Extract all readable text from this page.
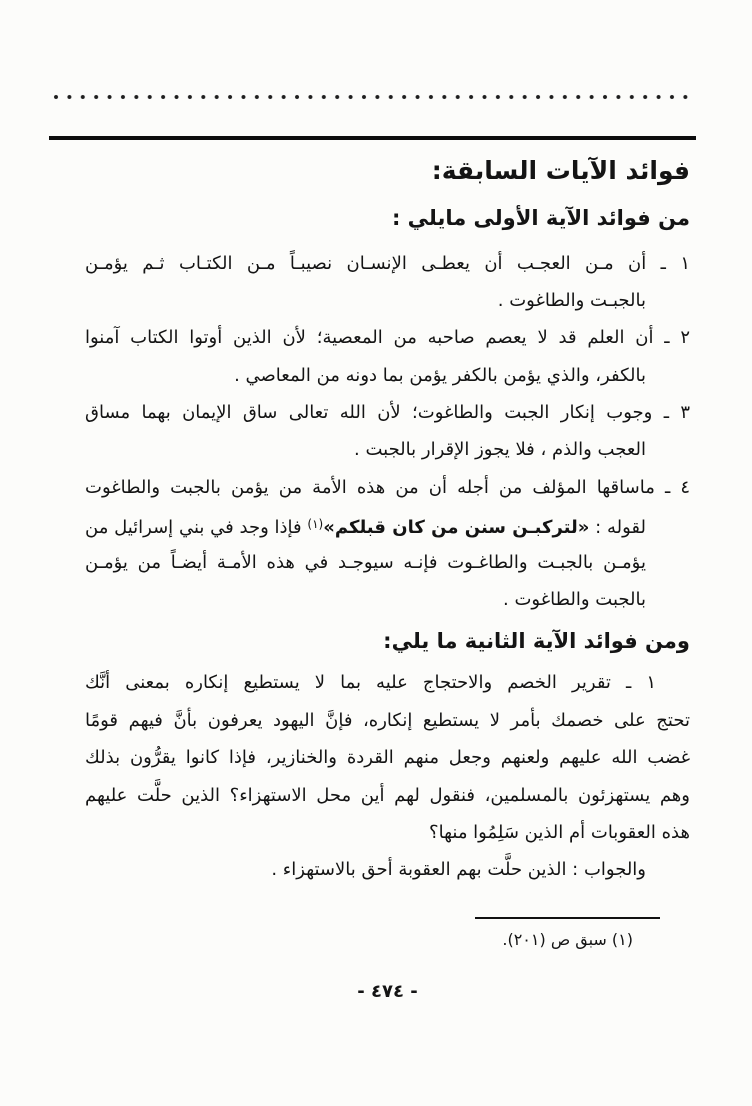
فوائد الآيات السابقة:
من فوائد الآية الأولى مايلي :
١ ـ أن مـن العجـب أن يعطـى الإنسـان نصيبـاً مـن الكتـاب ثـم يؤمـن
بالجبـت والطاغوت .
٢ ـ أن العلم قد لا يعصم صاحبه من المعصية؛ لأن الذين أوتوا الكتاب آمنوا
بالكفر، والذي يؤمن بالكفر يؤمن بما دونه من المعاصي .
٣ ـ وجوب إنكار الجبت والطاغوت؛ لأن الله تعالى ساق الإيمان بهما مساق
العجب والذم ، فلا يجوز الإقرار بالجبت .
٤ ـ ماساقها المؤلف من أجله أن من هذه الأمة من يؤمن بالجبت والطاغوت
لقوله : «لتركبـن سنن من كان قبلكم»$^{(١)}$ فإذا وجد في بني إسرائيل من
يؤمـن بالجبـت والطاغـوت فإنـه سيوجـد في هذه الأمـة أيضـاً من يؤمـن
بالجبت والطاغوت .
ومن فوائد الآية الثانية ما يلي:
١ ـ تقرير الخصم والاحتجاج عليه بما لا يستطيع إنكاره بمعنى أنَّك
تحتج على خصمك بأمر لا يستطيع إنكاره، فإنَّ اليهود يعرفون بأنَّ فيهم قومًا
غضب الله عليهم ولعنهم وجعل منهم القردة والخنازير، فإذا كانوا يقرُّون بذلك
وهم يستهزئون بالمسلمين، فنقول لهم أين محل الاستهزاء؟ الذين حلَّت عليهم
هذه العقوبات أم الذين سَلِمُوا منها؟
والجواب : الذين حلَّت بهم العقوبة أحق بالاستهزاء .
(١) سبق ص (٢٠١).
- ٤٧٤ -
